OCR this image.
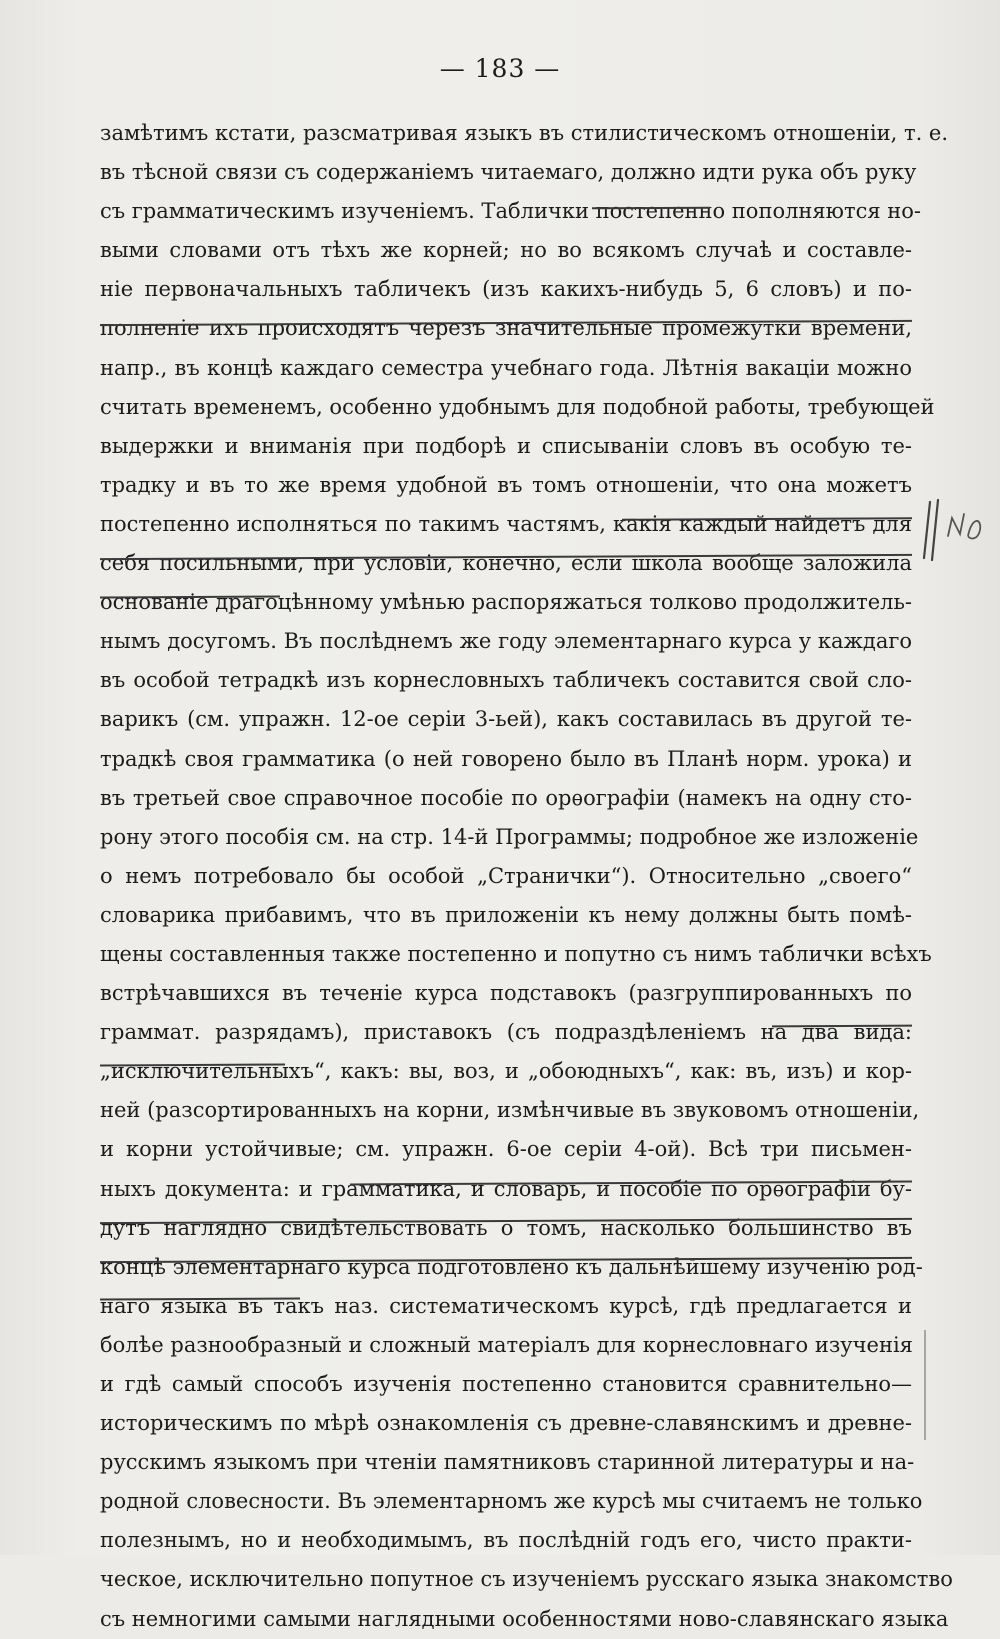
— 183 —
замѣтимъ кстати, разсматривая языкъ въ стилистическомъ отношеніи, т. е.
въ тѣсной связи съ содержаніемъ читаемаго, должно идти рука объ руку
съ грамматическимъ изученіемъ. Таблички постепенно пополняются но-
выми словами отъ тѣхъ же корней; но во всякомъ случаѣ и составле-
ніе первоначальныхъ табличекъ (изъ какихъ-нибудь 5, 6 словъ) и по-
полненіе ихъ происходятъ черезъ значительные промежутки времени,
напр., въ концѣ каждаго семестра учебнаго года. Лѣтнія вакаціи можно
считать временемъ, особенно удобнымъ для подобной работы, требующей
выдержки и вниманія при подборѣ и списываніи словъ въ особую те-
традку и въ то же время удобной въ томъ отношеніи, что она можетъ
постепенно исполняться по такимъ частямъ, какія каждый найдетъ для
себя посильными, при условіи, конечно, если школа вообще заложила
основаніе драгоцѣнному умѣнью распоряжаться толково продолжитель-
нымъ досугомъ. Въ послѣднемъ же году элементарнаго курса у каждаго
въ особой тетрадкѣ изъ корнесловныхъ табличекъ составится свой сло-
варикъ (см. упражн. 12-ое серіи 3-ьей), какъ составилась въ другой те-
традкѣ своя грамматика (о ней говорено было въ Планѣ норм. урока) и
въ третьей свое справочное пособіе по орѳографіи (намекъ на одну сто-
рону этого пособія см. на стр. 14-й Программы; подробное же изложеніе
о немъ потребовало бы особой „Странички“). Относительно „своего“
словарика прибавимъ, что въ приложеніи къ нему должны быть помѣ-
щены составленныя также постепенно и попутно съ нимъ таблички всѣхъ
встрѣчавшихся въ теченіе курса подставокъ (разгруппированныхъ по
граммат. разрядамъ), приставокъ (съ подраздѣленіемъ на два вида:
„исключительныхъ“, какъ: вы, воз, и „обоюдныхъ“, как: въ, изъ) и кор-
ней (разсортированныхъ на корни, измѣнчивые въ звуковомъ отношеніи,
и корни устойчивые; см. упражн. 6-ое серіи 4-ой). Всѣ три письмен-
ныхъ документа: и грамматика, и словарь, и пособіе по орѳографіи бу-
дутъ наглядно свидѣтельствовать о томъ, насколько большинство въ
концѣ элементарнаго курса подготовлено къ дальнѣйшему изученію род-
наго языка въ такъ наз. систематическомъ курсѣ, гдѣ предлагается и
болѣе разнообразный и сложный матеріалъ для корнесловнаго изученія
и гдѣ самый способъ изученія постепенно становится сравнительно—
историческимъ по мѣрѣ ознакомленія съ древне-славянскимъ и древне-
русскимъ языкомъ при чтеніи памятниковъ старинной литературы и на-
родной словесности. Въ элементарномъ же курсѣ мы считаемъ не только
полезнымъ, но и необходимымъ, въ послѣдній годъ его, чисто практи-
ческое, исключительно попутное съ изученіемъ русскаго языка знакомство
съ немногими самыми наглядными особенностями ново-славянскаго языка
